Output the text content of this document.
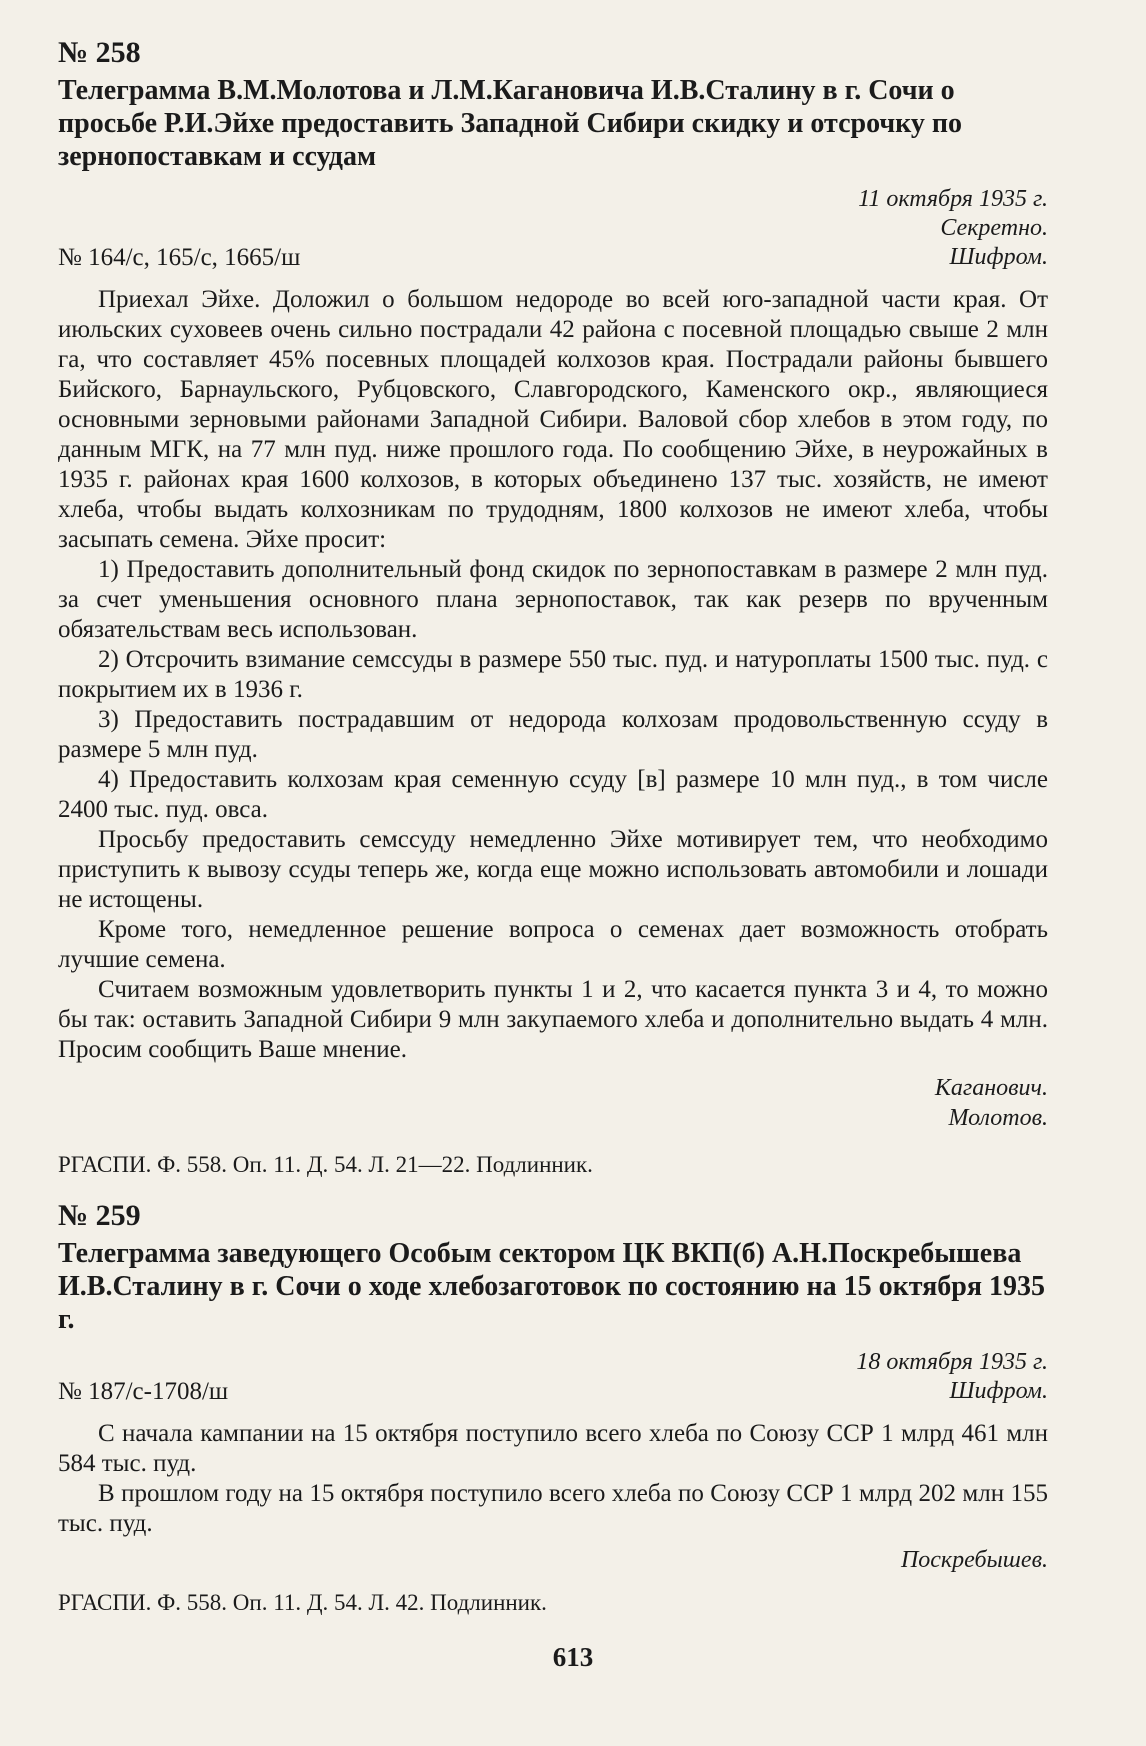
№ 258
Телеграмма В.М.Молотова и Л.М.Кагановича И.В.Сталину в г. Сочи о просьбе Р.И.Эйхе предоставить Западной Сибири скидку и отсрочку по зернопоставкам и ссудам
11 октября 1935 г.
Секретно.

№ 164/с, 165/с, 1665/ш	Шифром.

Приехал Эйхе. Доложил о большом недороде во всей юго-западной части края. От июльских суховеев очень сильно пострадали 42 района с посевной площадью свыше 2 млн га, что составляет 45% посевных площадей колхозов края. Пострадали районы бывшего Бийского, Барнаульского, Рубцовского, Славгородского, Каменского окр., являющиеся основными зерновыми районами Западной Сибири. Валовой сбор хлебов в этом году, по данным МГК, на 77 млн пуд. ниже прошлого года. По сообщению Эйхе, в неурожайных в 1935 г. районах края 1600 колхозов, в которых объединено 137 тыс. хозяйств, не имеют хлеба, чтобы выдать колхозникам по трудодням, 1800 колхозов не имеют хлеба, чтобы засыпать семена. Эйхе просит:

1) Предоставить дополнительный фонд скидок по зернопоставкам в размере 2 млн пуд. за счет уменьшения основного плана зернопоставок, так как резерв по врученным обязательствам весь использован.

2) Отсрочить взимание семссуды в размере 550 тыс. пуд. и натуроплаты 1500 тыс. пуд. с покрытием их в 1936 г.

3) Предоставить пострадавшим от недорода колхозам продовольственную ссуду в размере 5 млн пуд.

4) Предоставить колхозам края семенную ссуду [в] размере 10 млн пуд., в том числе 2400 тыс. пуд. овса.

Просьбу предоставить семссуду немедленно Эйхе мотивирует тем, что необходимо приступить к вывозу ссуды теперь же, когда еще можно использовать автомобили и лошади не истощены.

Кроме того, немедленное решение вопроса о семенах дает возможность отобрать лучшие семена.

Считаем возможным удовлетворить пункты 1 и 2, что касается пункта 3 и 4, то можно бы так: оставить Западной Сибири 9 млн закупаемого хлеба и дополнительно выдать 4 млн. Просим сообщить Ваше мнение.

Каганович.
Молотов.

РГАСПИ. Ф. 558. Оп. 11. Д. 54. Л. 21—22. Подлинник.

№ 259
Телеграмма заведующего Особым сектором ЦК ВКП(б) А.Н.Поскребышева И.В.Сталину в г. Сочи о ходе хлебозаготовок по состоянию на 15 октября 1935 г.
18 октября 1935 г.

№ 187/с-1708/ш	Шифром.

С начала кампании на 15 октября поступило всего хлеба по Союзу ССР 1 млрд 461 млн 584 тыс. пуд.

В прошлом году на 15 октября поступило всего хлеба по Союзу ССР 1 млрд 202 млн 155 тыс. пуд.

Поскребышев.

РГАСПИ. Ф. 558. Оп. 11. Д. 54. Л. 42. Подлинник.

613
